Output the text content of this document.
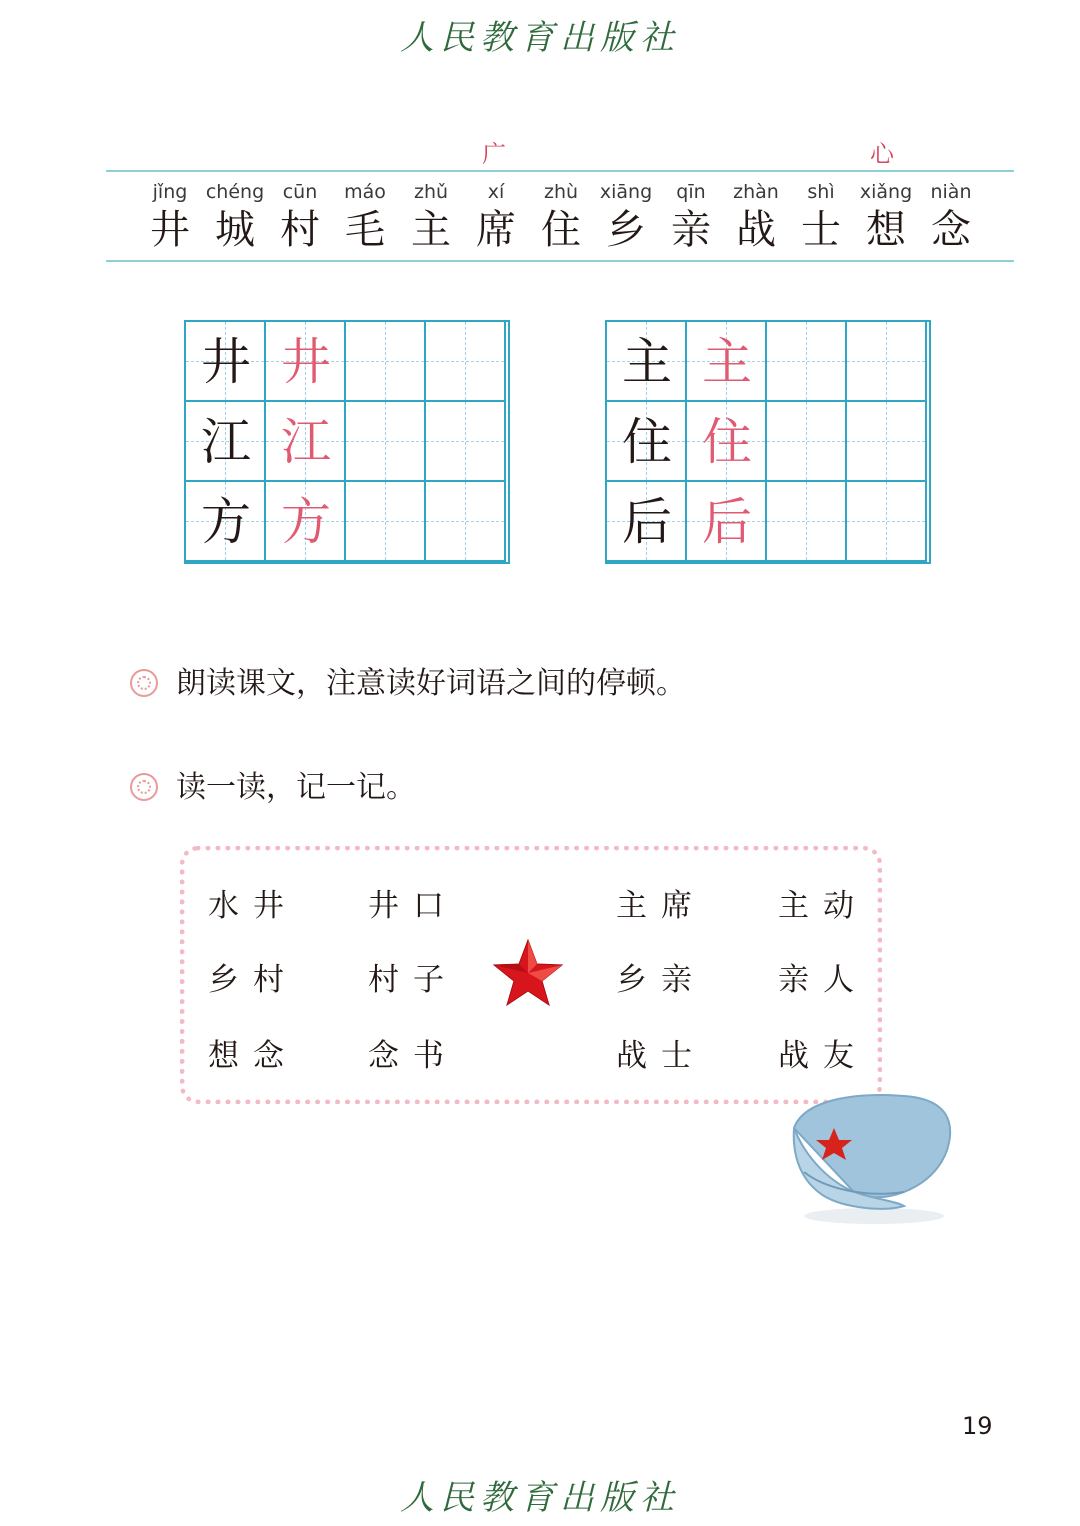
人民教育出版社
广	心
jǐng
井
chéng
城
cūn
村
máo
毛
zhǔ
主
xí
席
zhù
住
xiāng
乡
qīn
亲
zhàn
战
shì
士
xiǎng
想
niàn
念
井 井
江 江
方 方
主 主
住 住
后 后
朗读课文，注意读好词语之间的停顿。
读一读，记一记。
水井 井口
乡村 村子
想念 念书
主席 主动
乡亲 亲人
战士 战友
19
人民教育出版社
